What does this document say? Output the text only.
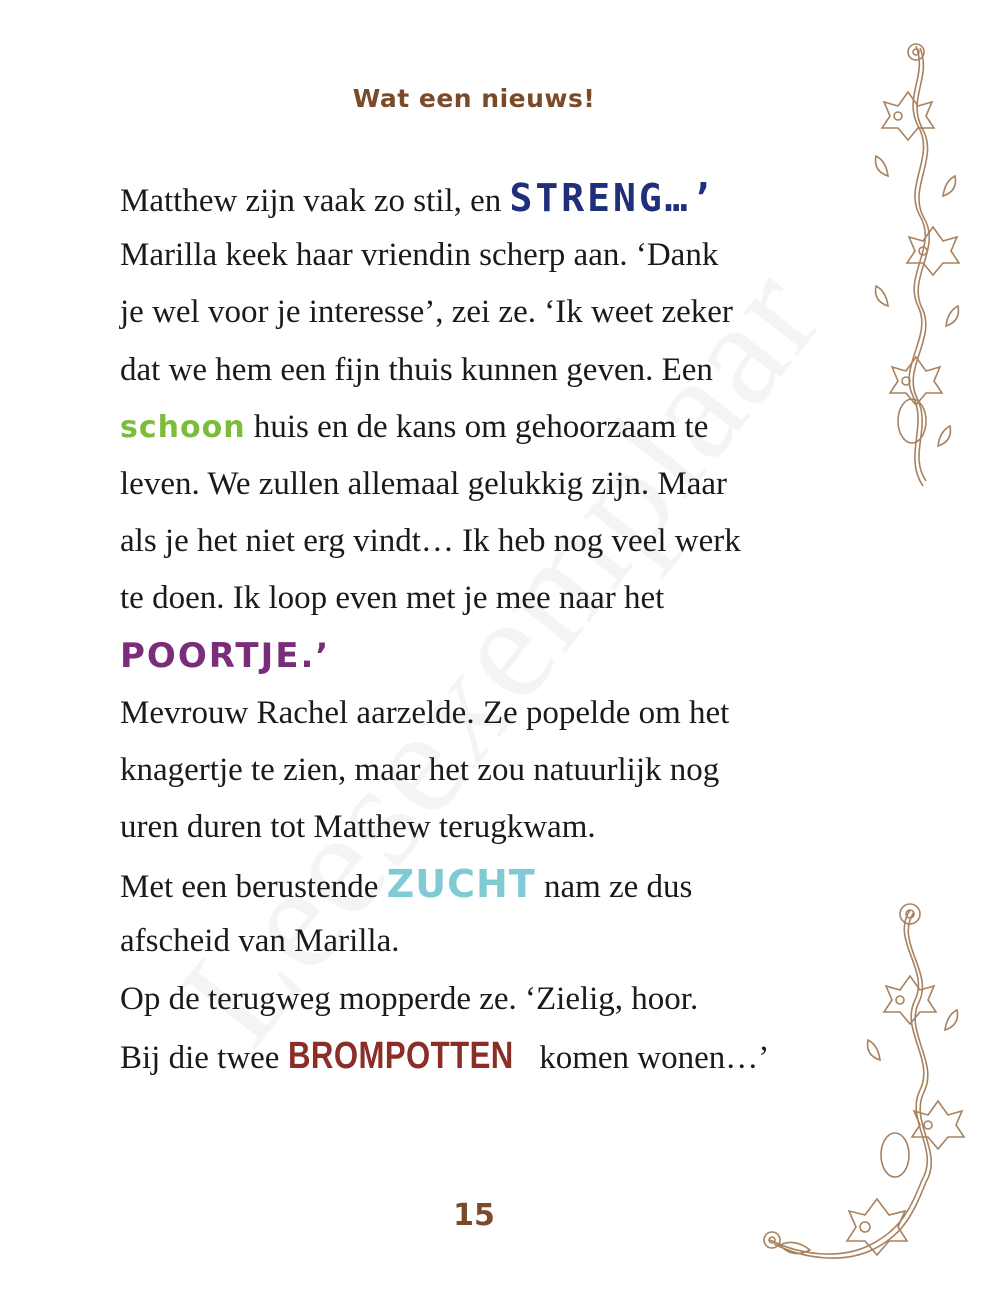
Wat een nieuws!
Matthew zijn vaak zo stil, en STRENG…’
Marilla keek haar vriendin scherp aan. ‘Dank
je wel voor je interesse’, zei ze. ‘Ik weet zeker
dat we hem een fijn thuis kunnen geven. Een
schoon huis en de kans om gehoorzaam te
leven. We zullen allemaal gelukkig zijn. Maar
als je het niet erg vindt… Ik heb nog veel werk
te doen. Ik loop even met je mee naar het
POORTJE.’
Mevrouw Rachel aarzelde. Ze popelde om het
knagertje te zien, maar het zou natuurlijk nog
uren duren tot Matthew terugkwam.
Met een berustende ZUCHT nam ze dus
afscheid van Marilla.
Op de terugweg mopperde ze. ‘Zielig, hoor.
Bij die twee BROMPOTTEN komen wonen…’
15
